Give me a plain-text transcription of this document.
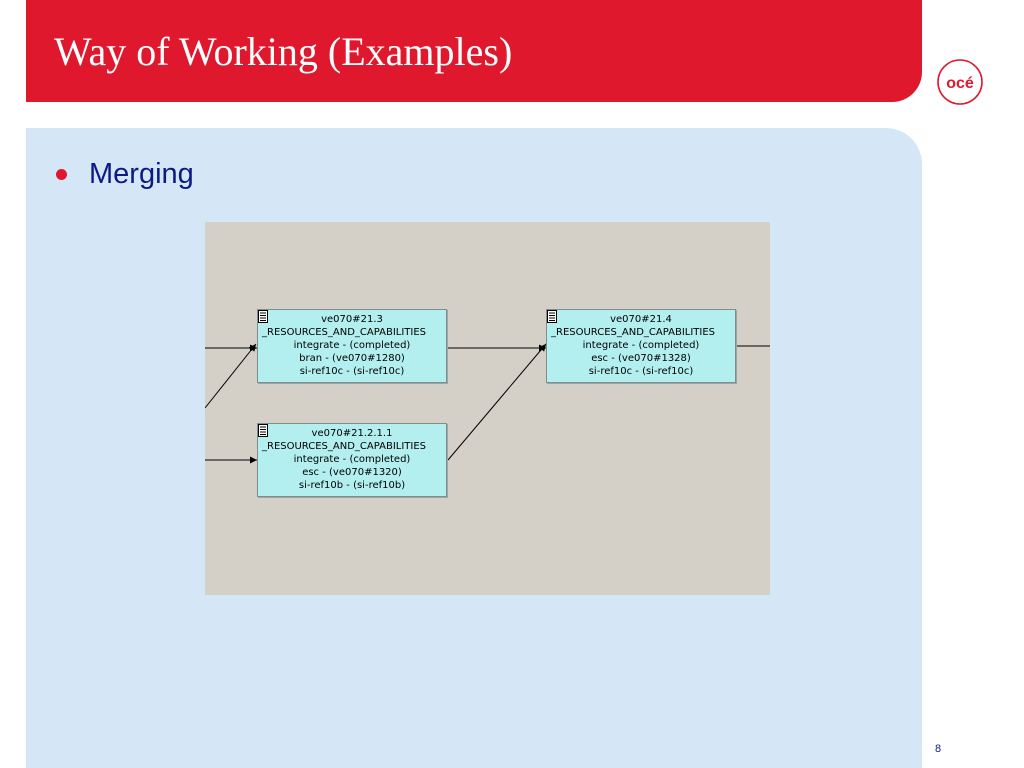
Way of Working (Examples)
océ
Merging
ve070#21.3
_RESOURCES_AND_CAPABILITIES
integrate - (completed)
bran - (ve070#1280)
si-ref10c - (si-ref10c)
ve070#21.4
_RESOURCES_AND_CAPABILITIES
integrate - (completed)
esc - (ve070#1328)
si-ref10c - (si-ref10c)
ve070#21.2.1.1
_RESOURCES_AND_CAPABILITIES
integrate - (completed)
esc - (ve070#1320)
si-ref10b - (si-ref10b)
8
